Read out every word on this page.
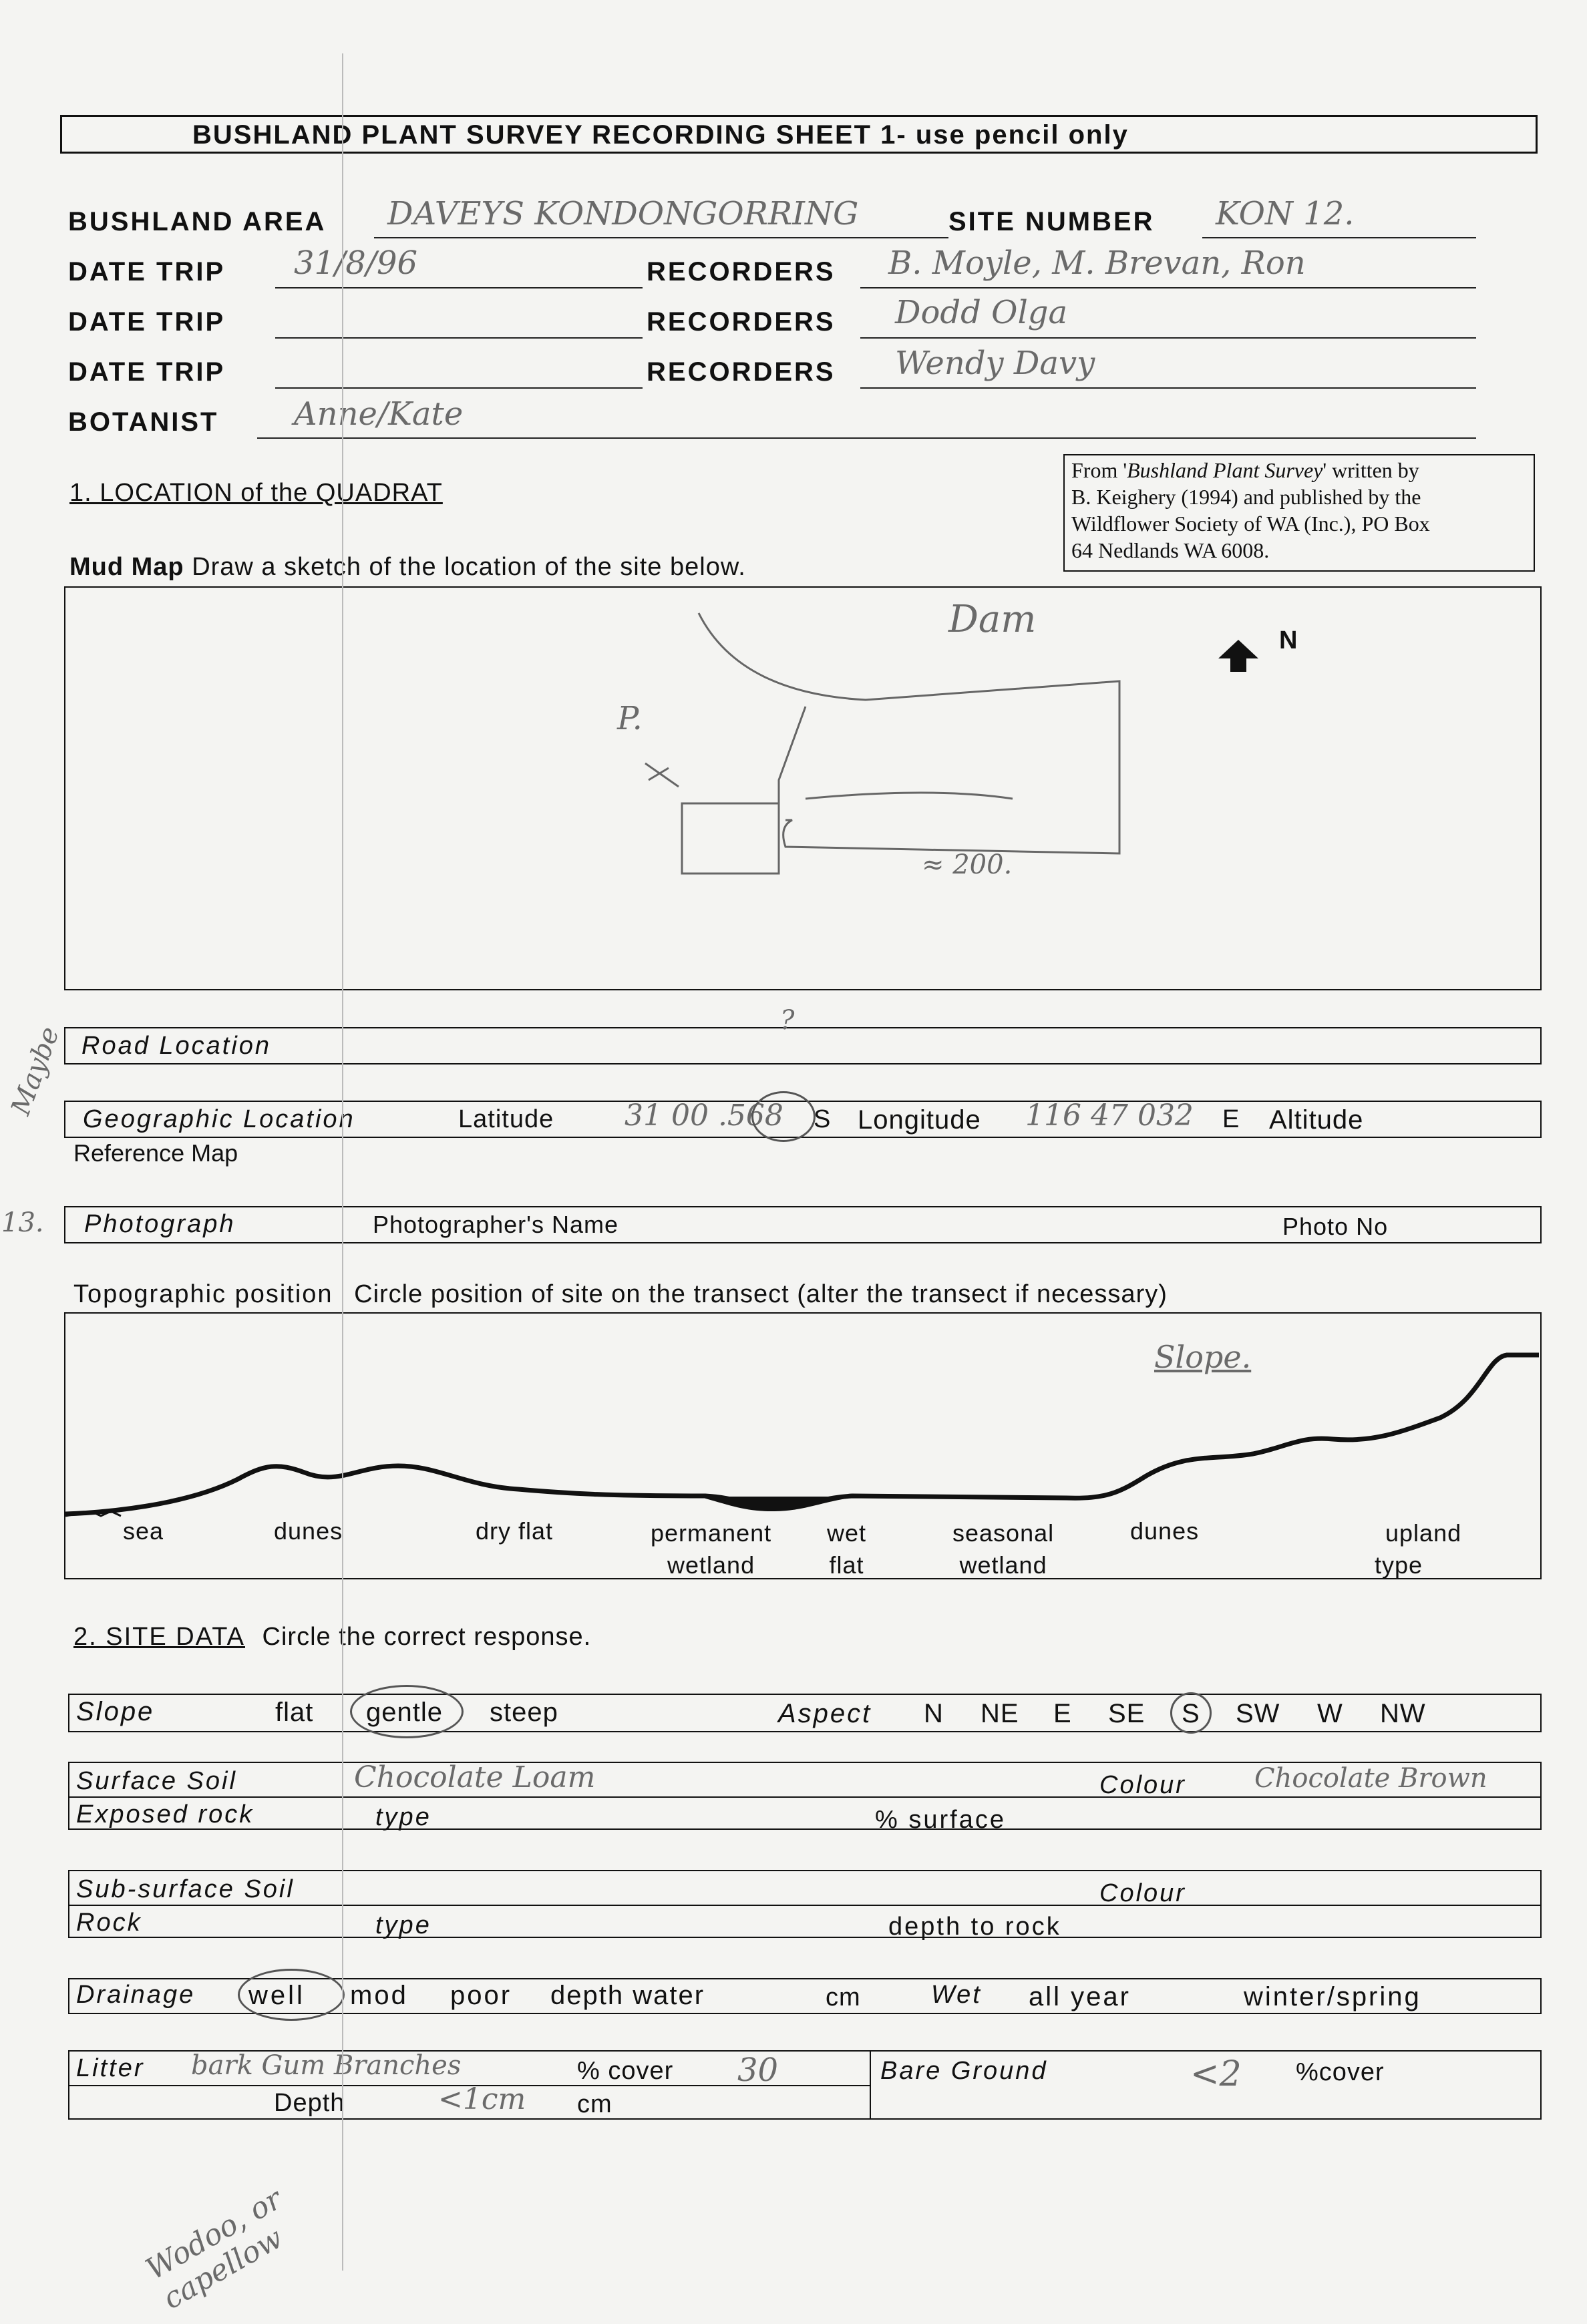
BUSHLAND PLANT SURVEY RECORDING SHEET 1- use pencil only
BUSHLAND AREA DAVEYS KONDONGORRING	SITE NUMBER KON 12.
DATE TRIP 31/8/96	RECORDERS B. Moyle, M. Brevan, Ron
DATE TRIP	RECORDERS Dodd Olga
DATE TRIP	RECORDERS Wendy Davy
BOTANIST Anne/Kate
From 'Bushland Plant Survey' written by
B. Keighery (1994) and published by the
Wildflower Society of WA (Inc.), PO Box
64 Nedlands WA 6008.
1. LOCATION of the QUADRAT
Mud Map Draw a sketch of the location of the site below.
Dam
P.
≈ 200.
N
Road Location
?
Geographic Location	Latitude 31 00 .568 S Longitude 116 47 032 E Altitude
Reference Map
Photograph	Photographer's Name	Photo No
Topographic position Circle position of site on the transect (alter the transect if necessary)
Slope.
sea	dunes	dry flat	permanent
wetland
wet
flat
seasonal
wetland
dunes	upland
type
2. SITE DATA Circle the correct response.
Slope	flat gentle steep	Aspect N NE E SE S SW W NW
Surface Soil	Chocolate Loam	Colour	Chocolate Brown
Exposed rock	type	% surface
Sub-surface Soil	Colour
Rock	type	depth to rock
Drainage well mod poor depth water	cm	Wet all year	winter/spring
Litter bark Gum Branches	% cover 30	Bare Ground	<2 %cover
Depth	<1cm cm
Maybe
13.
Wodoo, or capellow
